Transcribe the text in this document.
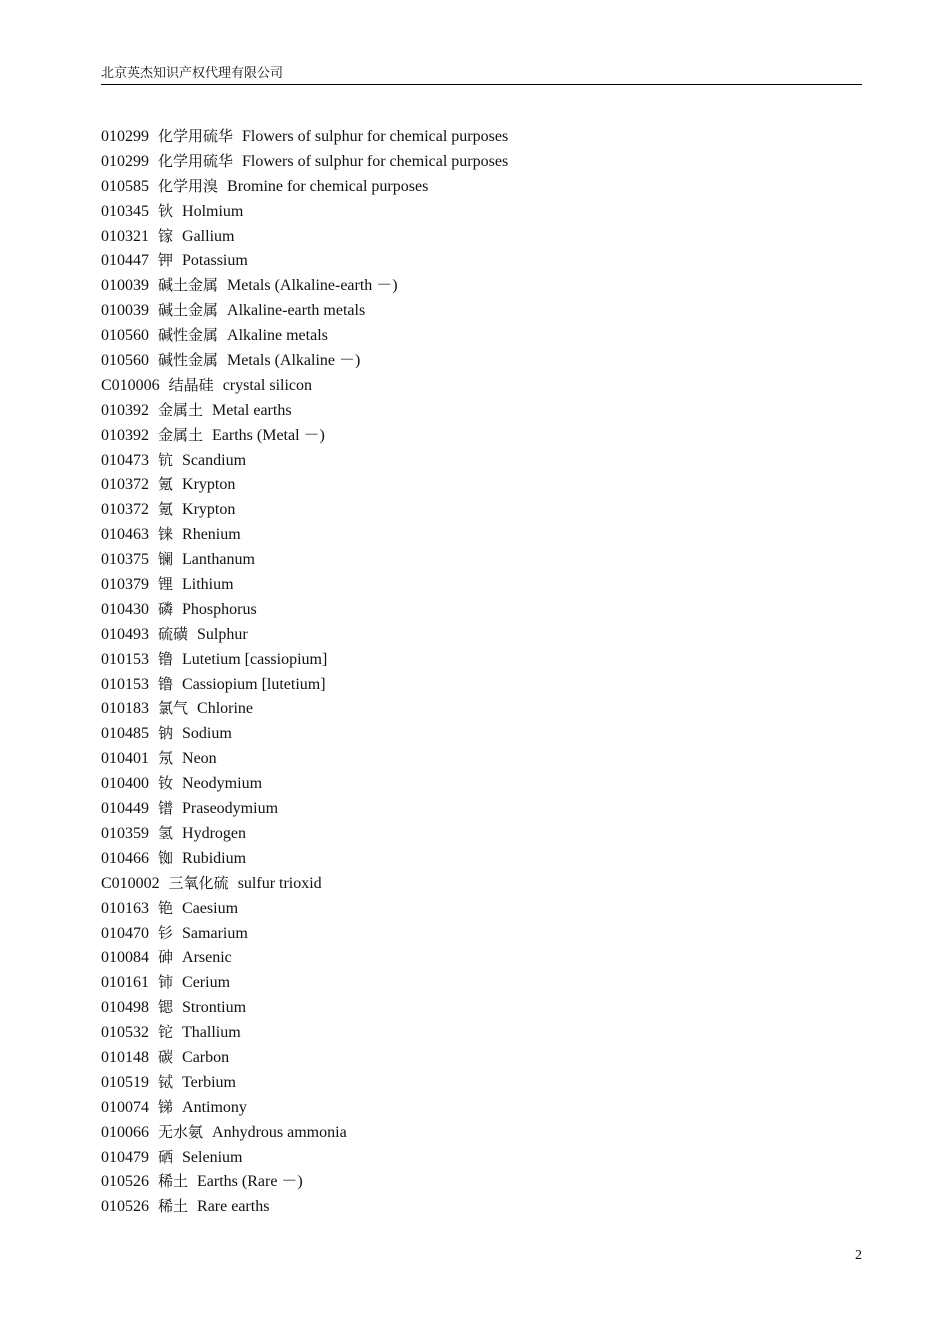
北京英杰知识产权代理有限公司
010299 化学用硫华 Flowers of sulphur for chemical purposes
010299 化学用硫华 Flowers of sulphur for chemical purposes
010585 化学用溴 Bromine for chemical purposes
010345 钬 Holmium
010321 镓 Gallium
010447 钾 Potassium
010039 碱土金属 Metals (Alkaline-earth －)
010039 碱土金属 Alkaline-earth metals
010560 碱性金属 Alkaline metals
010560 碱性金属 Metals (Alkaline －)
C010006 结晶硅 crystal silicon
010392 金属土 Metal earths
010392 金属土 Earths (Metal －)
010473 钪 Scandium
010372 氪 Krypton
010372 氪 Krypton
010463 铼 Rhenium
010375 镧 Lanthanum
010379 锂 Lithium
010430 磷 Phosphorus
010493 硫磺 Sulphur
010153 镥 Lutetium [cassiopium]
010153 镥 Cassiopium [lutetium]
010183 氯气 Chlorine
010485 钠 Sodium
010401 氖 Neon
010400 钕 Neodymium
010449 镨 Praseodymium
010359 氢 Hydrogen
010466 铷 Rubidium
C010002 三氧化硫 sulfur trioxid
010163 铯 Caesium
010470 钐 Samarium
010084 砷 Arsenic
010161 铈 Cerium
010498 锶 Strontium
010532 铊 Thallium
010148 碳 Carbon
010519 铽 Terbium
010074 锑 Antimony
010066 无水氨 Anhydrous ammonia
010479 硒 Selenium
010526 稀土 Earths (Rare －)
010526 稀土 Rare earths
2
